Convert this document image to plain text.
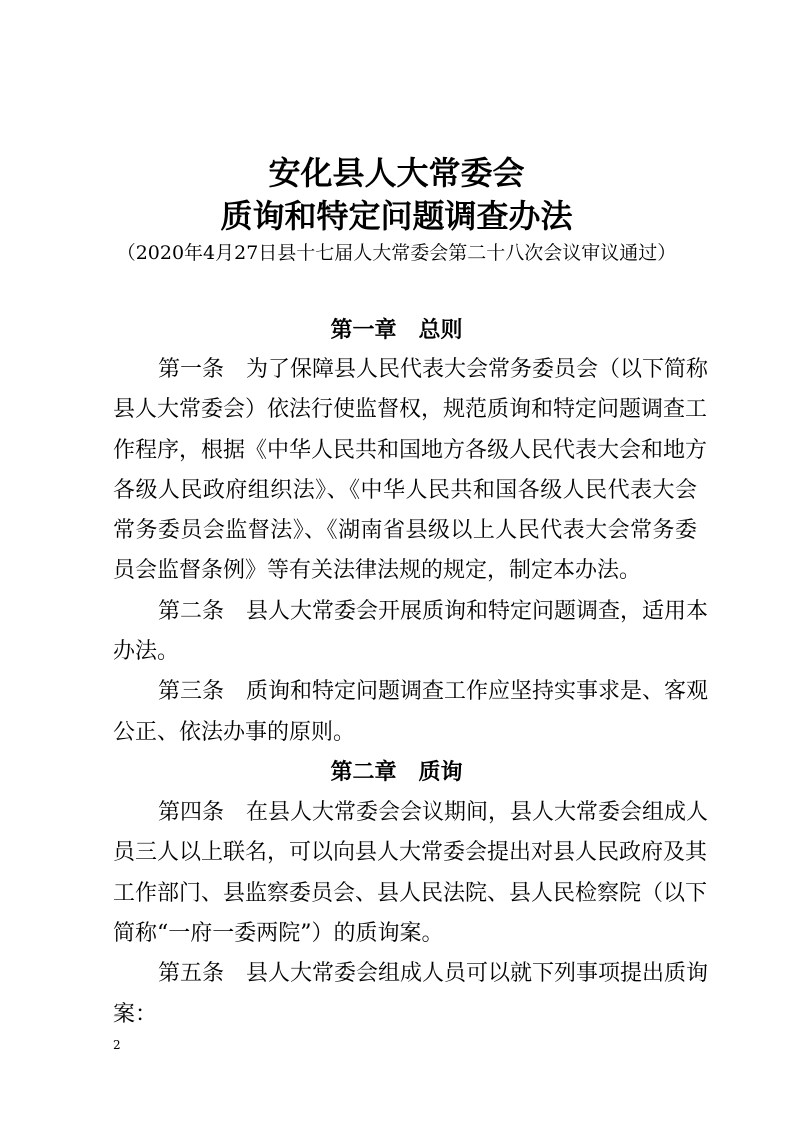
安化县人大常委会
质询和特定问题调查办法
（2020年4月27日县十七届人大常委会第二十八次会议审议通过）
第一章　总则
第一条　为了保障县人民代表大会常务委员会（以下简称
县人大常委会）依法行使监督权，规范质询和特定问题调查工
作程序，根据《中华人民共和国地方各级人民代表大会和地方
各级人民政府组织法》、《中华人民共和国各级人民代表大会
常务委员会监督法》、《湖南省县级以上人民代表大会常务委
员会监督条例》等有关法律法规的规定，制定本办法。
第二条　县人大常委会开展质询和特定问题调查，适用本
办法。
第三条　质询和特定问题调查工作应坚持实事求是、客观
公正、依法办事的原则。
第二章　质询
第四条　在县人大常委会会议期间，县人大常委会组成人
员三人以上联名，可以向县人大常委会提出对县人民政府及其
工作部门、县监察委员会、县人民法院、县人民检察院（以下
简称“一府一委两院”）的质询案。
第五条　县人大常委会组成人员可以就下列事项提出质询
案：
2
